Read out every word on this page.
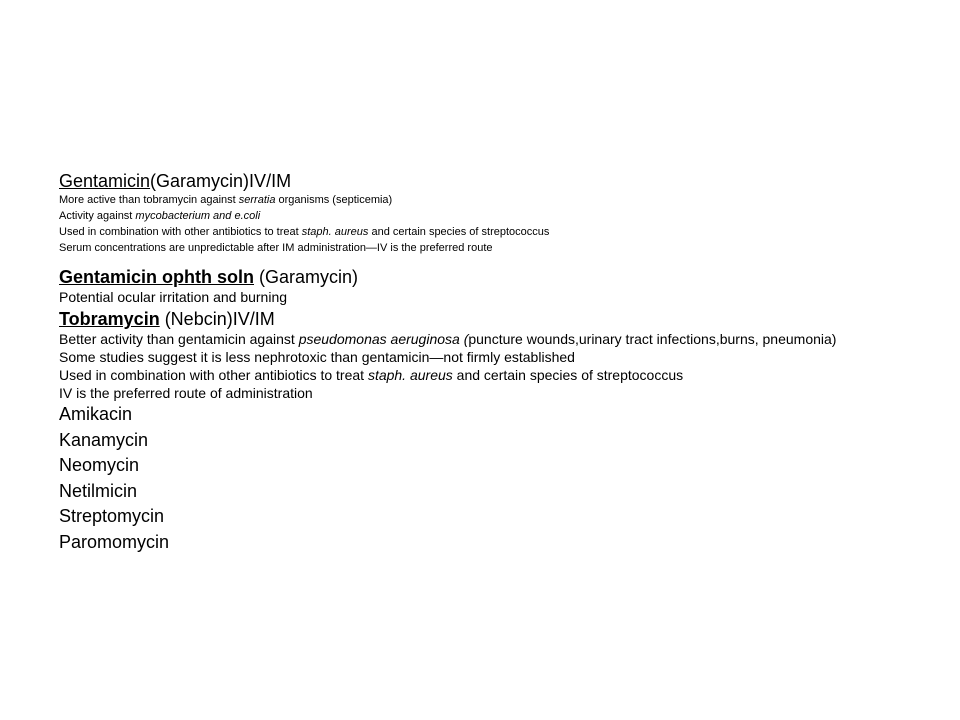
Gentamicin(Garamycin)IV/IM

More active than tobramycin against serratia organisms (septicemia)

Activity against mycobacterium and e.coli

Used in combination with other antibiotics to treat staph. aureus and certain species of streptococcus

Serum concentrations are unpredictable after IM administration—IV is the preferred route

Gentamicin ophth soln (Garamycin)

Potential ocular irritation and burning

Tobramycin (Nebcin)IV/IM

Better activity than gentamicin against pseudomonas aeruginosa (puncture wounds,urinary tract infections,burns, pneumonia)

Some studies suggest it is less nephrotoxic than gentamicin—not firmly established

Used in combination with other antibiotics to treat staph. aureus and certain species of streptococcus

IV is the preferred route of administration

Amikacin

Kanamycin

Neomycin

Netilmicin

Streptomycin

Paromomycin
